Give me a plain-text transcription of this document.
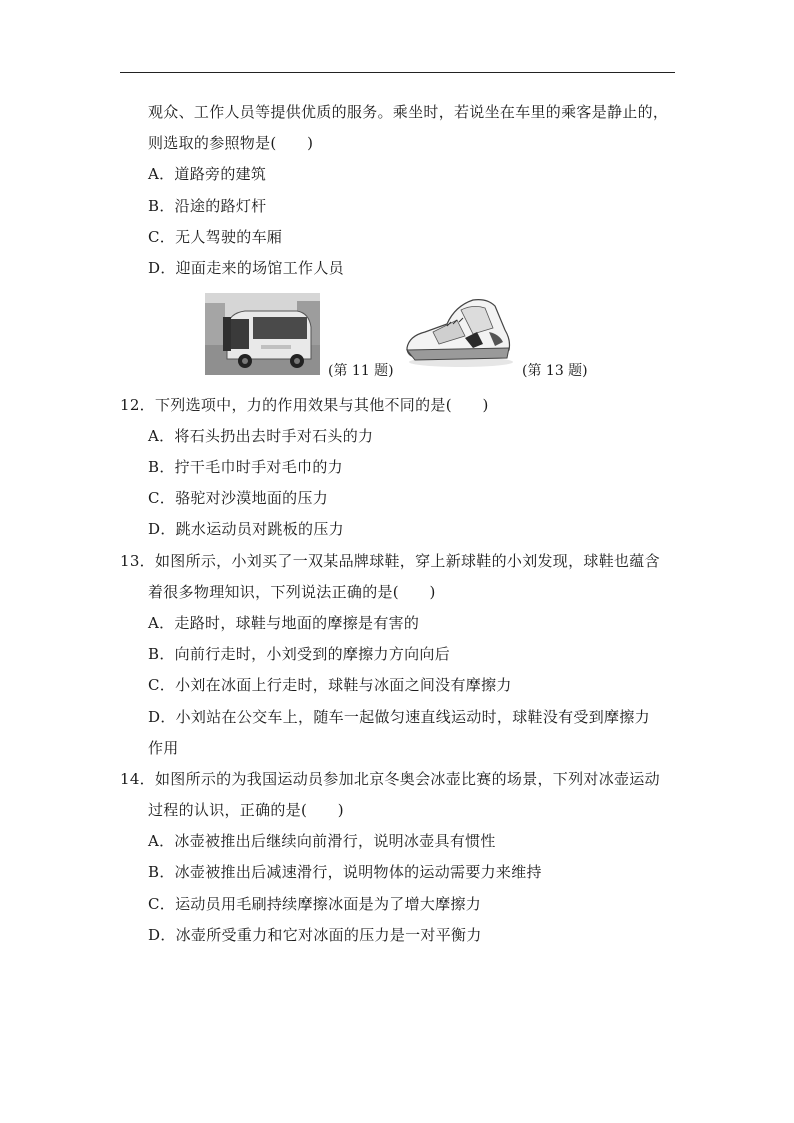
观众、工作人员等提供优质的服务。乘坐时，若说坐在车里的乘客是静止的，
则选取的参照物是(　　)
A．道路旁的建筑
B．沿途的路灯杆
C．无人驾驶的车厢
D．迎面走来的场馆工作人员
(第 11 题)	(第 13 题)
12．下列选项中，力的作用效果与其他不同的是(　　)
A．将石头扔出去时手对石头的力
B．拧干毛巾时手对毛巾的力
C．骆驼对沙漠地面的压力
D．跳水运动员对跳板的压力
13．如图所示，小刘买了一双某品牌球鞋，穿上新球鞋的小刘发现，球鞋也蕴含
着很多物理知识，下列说法正确的是(　　)
A．走路时，球鞋与地面的摩擦是有害的
B．向前行走时，小刘受到的摩擦力方向向后
C．小刘在冰面上行走时，球鞋与冰面之间没有摩擦力
D．小刘站在公交车上，随车一起做匀速直线运动时，球鞋没有受到摩擦力
作用
14．如图所示的为我国运动员参加北京冬奥会冰壶比赛的场景，下列对冰壶运动
过程的认识，正确的是(　　)
A．冰壶被推出后继续向前滑行，说明冰壶具有惯性
B．冰壶被推出后减速滑行，说明物体的运动需要力来维持
C．运动员用毛刷持续摩擦冰面是为了增大摩擦力
D．冰壶所受重力和它对冰面的压力是一对平衡力
